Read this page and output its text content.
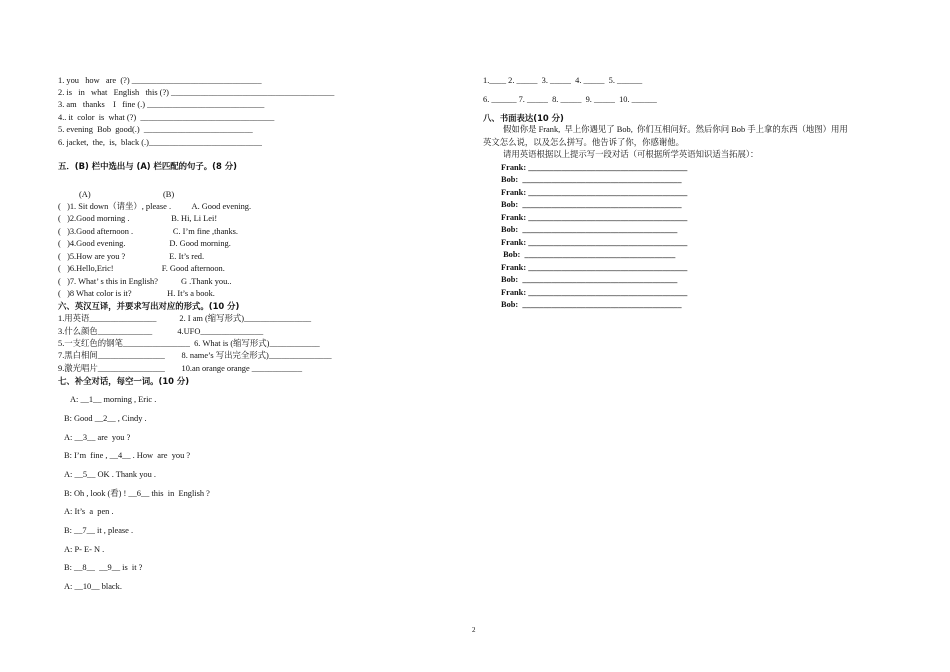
1. you   how   are  (?) _______________________________
2. is   in   what   English   this (?) _______________________________________
3. am   thanks    I   fine (.) ____________________________
4.. it  color  is  what (?)  ________________________________
5. evening  Bob  good(.)  __________________________
6. jacket,  the,  is,  black (.)___________________________
五．(B) 栏中选出与 (A) 栏匹配的句子。(8 分)
(A)	(B)
(   )1. Sit down（请坐）, please .          A. Good evening.
(   )2.Good morning .                    B. Hi, Li Lei!
(   )3.Good afternoon .                   C. I’m fine ,thanks.
(   )4.Good evening.                     D. Good morning.
(   )5.How are you ?                     E. It’s red.
(   )6.Hello,Eric!                       F. Good afternoon.
(   )7. What’ s this in English?           G .Thank you..
(   )8 What color is it?                 H. It’s a book.
六、英汉互译，并要求写出对应的形式。(10 分)
1.用英语________________           2. I am (缩写形式)________________
3.什么颜色_____________            4.UFO_______________
5.一支红色的钢笔________________  6. What is (缩写形式)____________
7.黑白相间________________        8. name’s 写出完全形式)_______________
9.激光唱片________________        10.an orange orange ____________
七、补全对话，每空一词。(10 分)
A: __1__ morning , Eric .
B: Good __2__ , Cindy .
A: __3__ are  you ?
B: I’m  fine , __4__ . How  are  you ?
A: __5__ OK . Thank you .
B: Oh , look (看) ! __6__ this  in  English ?
A: It’s  a  pen .
B: __7__ it , please .
A: P- E- N .
B: __8__  __9__ is  it ?
A: __10__ black.
1.____ 2. _____  3. _____  4. _____  5. ______
6. ______ 7. _____  8. _____  9. _____  10. ______
八、书面表达(10 分)
假如你是 Frank,  早上你遇见了 Bob,  你们互相问好。然后你问 Bob 手上拿的东西（地图）用用
英文怎么说，以及怎么拼写。他告诉了你，你感谢他。
请用英语根据以上提示写一段对话（可根据所学英语知识适当拓展）：
Frank: ______________________________________
Bob:  ______________________________________
Frank: ______________________________________
Bob:  ______________________________________
Frank: ______________________________________
Bob:  _____________________________________
Frank: ______________________________________
Bob:  ____________________________________
Frank: ______________________________________
Bob:  _____________________________________
Frank: ______________________________________
Bob:  ______________________________________
2
